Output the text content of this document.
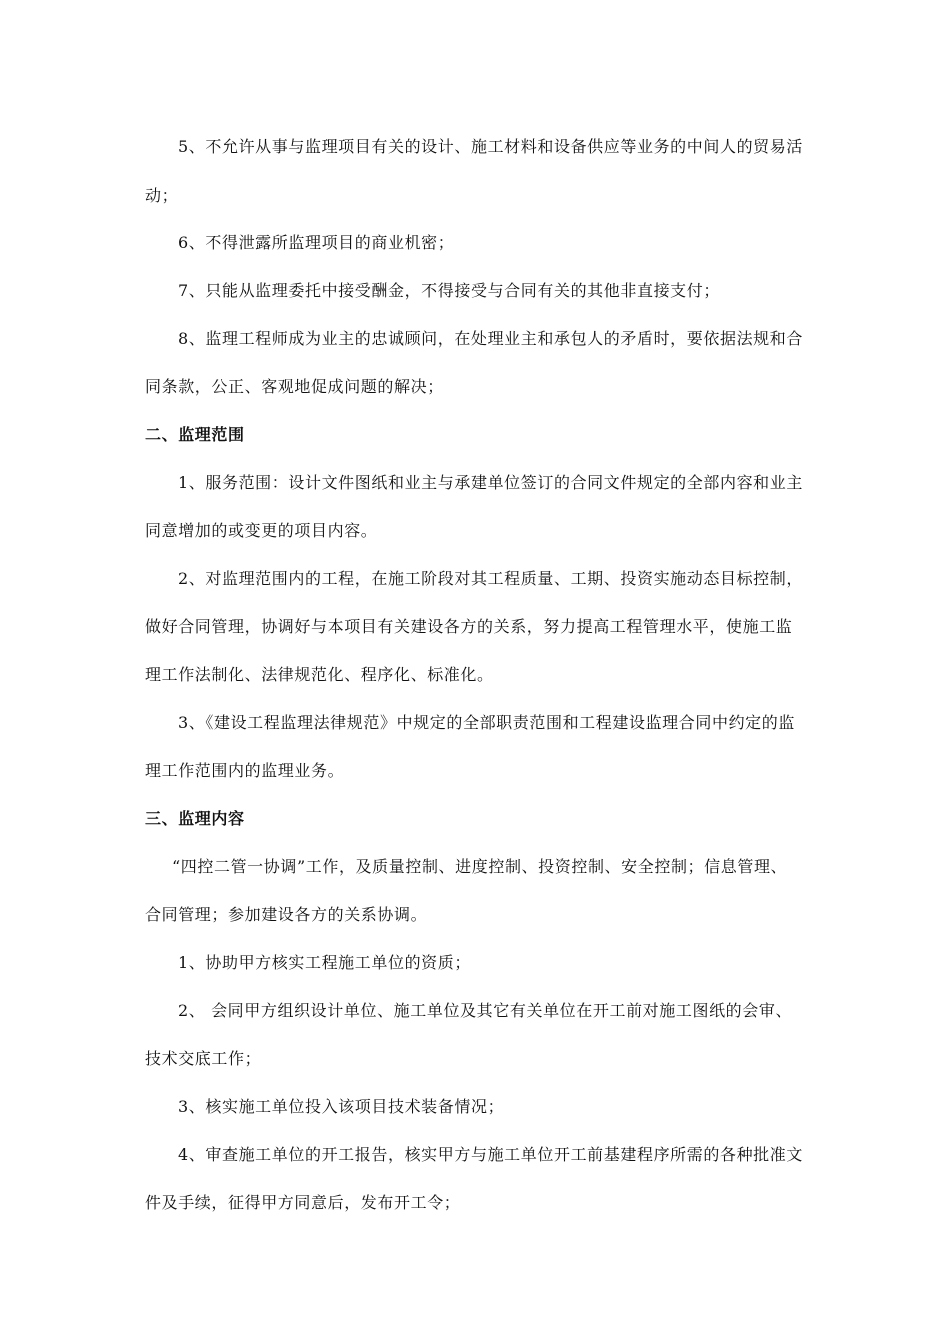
5、不允许从事与监理项目有关的设计、施工材料和设备供应等业务的中间人的贸易活
动；
6、不得泄露所监理项目的商业机密；
7、只能从监理委托中接受酬金，不得接受与合同有关的其他非直接支付；
8、监理工程师成为业主的忠诚顾问，在处理业主和承包人的矛盾时，要依据法规和合
同条款，公正、客观地促成问题的解决；
二、监理范围
1、服务范围：设计文件图纸和业主与承建单位签订的合同文件规定的全部内容和业主
同意增加的或变更的项目内容。
2、对监理范围内的工程，在施工阶段对其工程质量、工期、投资实施动态目标控制，
做好合同管理，协调好与本项目有关建设各方的关系，努力提高工程管理水平，使施工监
理工作法制化、法律规范化、程序化、标准化。
3、《建设工程监理法律规范》中规定的全部职责范围和工程建设监理合同中约定的监
理工作范围内的监理业务。
三、监理内容
“四控二管一协调”工作，及质量控制、进度控制、投资控制、安全控制；信息管理、
合同管理；参加建设各方的关系协调。
1、协助甲方核实工程施工单位的资质；
2、 会同甲方组织设计单位、施工单位及其它有关单位在开工前对施工图纸的会审、
技术交底工作；
3、核实施工单位投入该项目技术装备情况；
4、审查施工单位的开工报告，核实甲方与施工单位开工前基建程序所需的各种批准文
件及手续，征得甲方同意后，发布开工令；
